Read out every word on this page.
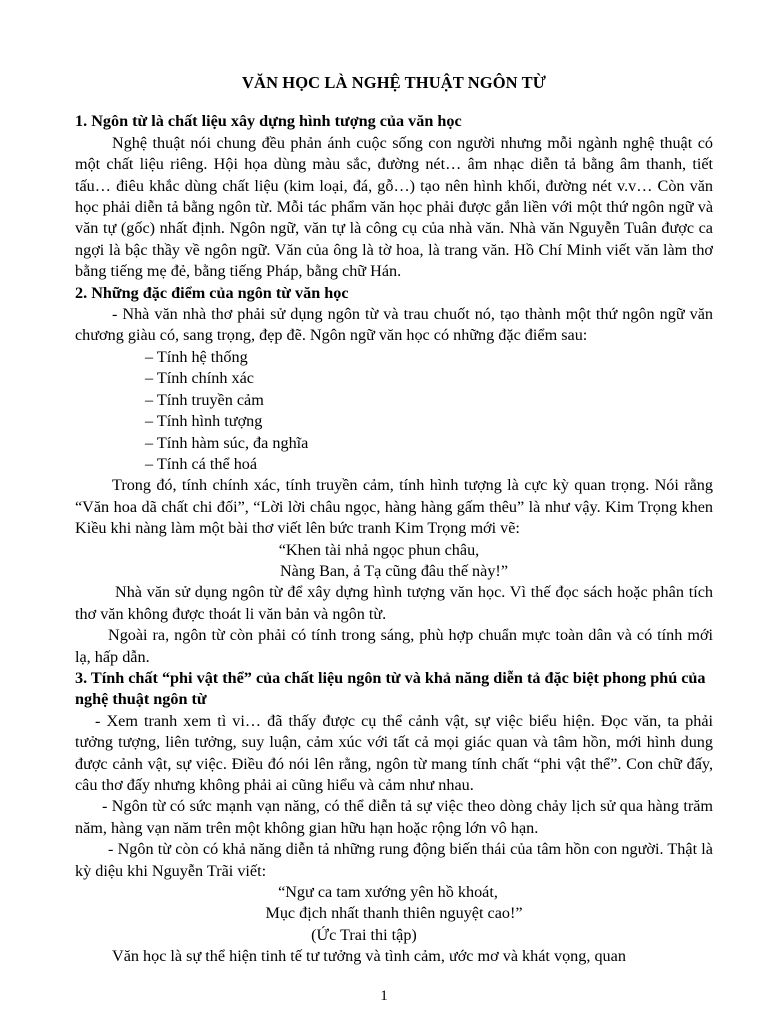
VĂN HỌC LÀ NGHỆ THUẬT NGÔN TỪ
1. Ngôn từ là chất liệu xây dựng hình tượng của văn học
Nghệ thuật nói chung đều phản ánh cuộc sống con người nhưng mỗi ngành nghệ thuật có một chất liệu riêng. Hội họa dùng màu sắc, đường nét… âm nhạc diễn tả bằng âm thanh, tiết tấu… điêu khắc dùng chất liệu (kim loại, đá, gỗ…) tạo nên hình khối, đường nét v.v… Còn văn học phải diễn tả bằng ngôn từ. Mỗi tác phẩm văn học phải được gắn liền với một thứ ngôn ngữ và văn tự (gốc) nhất định. Ngôn ngữ, văn tự là công cụ của nhà văn. Nhà văn Nguyễn Tuân được ca ngợi là bậc thầy về ngôn ngữ. Văn của ông là tờ hoa, là trang văn. Hồ Chí Minh viết văn làm thơ bằng tiếng mẹ đẻ, bằng tiếng Pháp, bằng chữ Hán.
2. Những đặc điểm của ngôn từ văn học
- Nhà văn nhà thơ phải sử dụng ngôn từ và trau chuốt nó, tạo thành một thứ ngôn ngữ văn chương giàu có, sang trọng, đẹp đẽ. Ngôn ngữ văn học có những đặc điểm sau:
– Tính hệ thống
– Tính chính xác
– Tính truyền cảm
– Tính hình tượng
– Tính hàm súc, đa nghĩa
– Tính cá thể hoá
Trong đó, tính chính xác, tính truyền cảm, tính hình tượng là cực kỳ quan trọng. Nói rằng “Văn hoa dã chất chi đối”, “Lời lời châu ngọc, hàng hàng gấm thêu” là như vậy. Kim Trọng khen Kiều khi nàng làm một bài thơ viết lên bức tranh Kim Trọng mới vẽ:
“Khen tài nhả ngọc phun châu,
Nàng Ban, ả Tạ cũng đâu thế này!”
Nhà văn sử dụng ngôn từ để xây dựng hình tượng văn học. Vì thế đọc sách hoặc phân tích thơ văn không được thoát li văn bản và ngôn từ.
Ngoài ra, ngôn từ còn phải có tính trong sáng, phù hợp chuẩn mực toàn dân và có tính mới lạ, hấp dẫn.
3. Tính chất “phi vật thể” của chất liệu ngôn từ và khả năng diễn tả đặc biệt phong phú của nghệ thuật ngôn từ
- Xem tranh xem tì vi… đã thấy được cụ thể cảnh vật, sự việc biểu hiện. Đọc văn, ta phải tưởng tượng, liên tưởng, suy luận, cảm xúc với tất cả mọi giác quan và tâm hồn, mới hình dung được cảnh vật, sự việc. Điều đó nói lên rằng, ngôn từ mang tính chất “phi vật thể”. Con chữ đấy, câu thơ đấy nhưng không phải ai cũng hiểu và cảm như nhau.
- Ngôn từ có sức mạnh vạn năng, có thể diễn tả sự việc theo dòng chảy lịch sử qua hàng trăm năm, hàng vạn năm trên một không gian hữu hạn hoặc rộng lớn vô hạn.
- Ngôn từ còn có khả năng diễn tả những rung động biến thái của tâm hồn con người. Thật là kỳ diệu khi Nguyễn Trãi viết:
“Ngư ca tam xướng yên hồ khoát,
Mục địch nhất thanh thiên nguyệt cao!”
(Ức Trai thi tập)
Văn học là sự thể hiện tinh tế tư tưởng và tình cảm, ước mơ và khát vọng, quan
1
